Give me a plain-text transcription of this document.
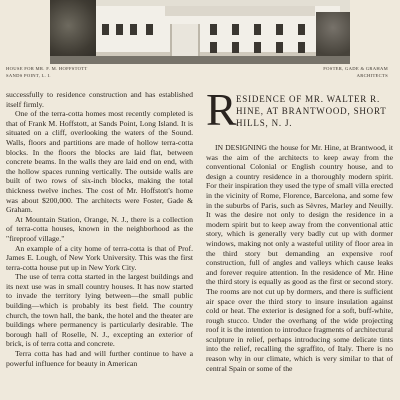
HOUSE FOR MR. F. M. HOFFSTOTT
SANDS POINT, L. I.
FOSTER, GADE & GRAHAM
ARCHITECTS

successfully to residence construction and has established itself firmly.

One of the terra-cotta homes most recently completed is that of Frank M. Hoffstott, at Sands Point, Long Island. It is situated on a cliff, overlooking the waters of the Sound. Walls, floors and partitions are made of hollow terra-cotta blocks. In the floors the blocks are laid flat, between concrete beams. In the walls they are laid end on end, with the hollow spaces running vertically. The outside walls are built of two rows of six-inch blocks, making the total thickness twelve inches. The cost of Mr. Hoffstott's home was about $200,000. The architects were Foster, Gade & Graham.

At Mountain Station, Orange, N. J., there is a collection of terra-cotta houses, known in the neighborhood as the "fireproof village."

An example of a city home of terra-cotta is that of Prof. James E. Lough, of New York University. This was the first terra-cotta house put up in New York City.

The use of terra cotta started in the largest buildings and its next use was in small country houses. It has now started to invade the territory lying between—the small public building—which is probably its best field. The country church, the town hall, the bank, the hotel and the theater are buildings where permanency is particularly desirable. The borough hall of Roselle, N. J., excepting an exterior of brick, is of terra cotta and concrete.

Terra cotta has had and will further continue to have a powerful influence for beauty in American

R ESIDENCE OF MR. WALTER R.
HINE, AT BRANTWOOD, SHORT
HILLS, N. J.

IN DESIGNING the house for Mr. Hine, at Brantwood, it was the aim of the architects to keep away from the conventional Colonial or English country house, and to design a country residence in a thoroughly modern spirit. For their inspiration they used the type of small villa erected in the vicinity of Rome, Florence, Barcelona, and some few in the suburbs of Paris, such as Sèvres, Marley and Neuilly. It was the desire not only to design the residence in a modern spirit but to keep away from the conventional attic story, which is generally very badly cut up with dormer windows, making not only a wasteful utility of floor area in the third story but demanding an expensive roof construction, full of angles and valleys which cause leaks and forever require attention. In the residence of Mr. Hine the third story is equally as good as the first or second story. The rooms are not cut up by dormers, and there is sufficient air space over the third story to insure insulation against cold or heat. The exterior is designed for a soft, buff-white, rough stucco. Under the overhang of the wide projecting roof it is the intention to introduce fragments of architectural sculpture in relief, perhaps introducing some delicate tints into the relief, recalling the sgraffito, of Italy. There is no reason why in our climate, which is very similar to that of central Spain or some of the
